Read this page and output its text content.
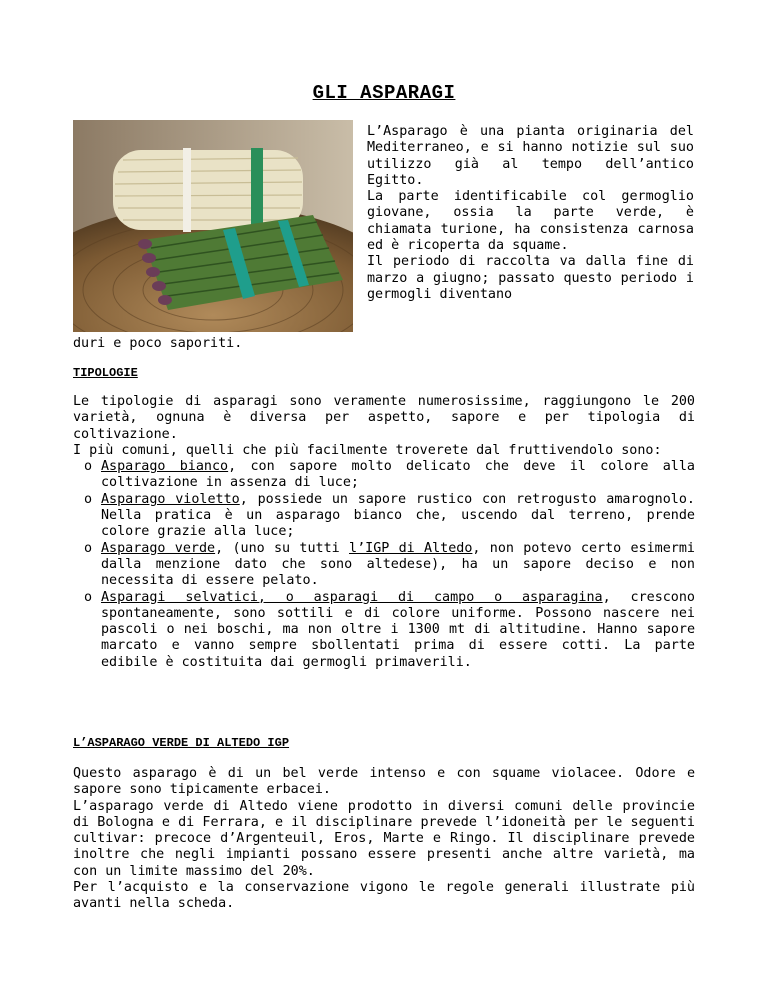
GLI ASPARAGI

L’Asparago è una pianta originaria del Mediterraneo, e si hanno notizie sul suo utilizzo già al tempo dell’antico Egitto.

La parte identificabile col germoglio giovane, ossia la parte verde, è chiamata turione, ha consistenza carnosa ed è ricoperta da squame.

Il periodo di raccolta va dalla fine di marzo a giugno; passato questo periodo i germogli diventano

duri e poco saporiti.
TIPOLOGIE

Le tipologie di asparagi sono veramente numerosissime, raggiungono le 200 varietà, ognuna è diversa per aspetto, sapore e per tipologia di coltivazione.

I più comuni, quelli che più facilmente troverete dal fruttivendolo sono:

o Asparago bianco, con sapore molto delicato che deve il colore alla coltivazione in assenza di luce;
o Asparago violetto, possiede un sapore rustico con retrogusto amarognolo. Nella pratica è un asparago bianco che, uscendo dal terreno, prende colore grazie alla luce;
o Asparago verde, (uno su tutti l’IGP di Altedo, non potevo certo esimermi dalla menzione dato che sono altedese), ha un sapore deciso e non necessita di essere pelato.
o Asparagi selvatici, o asparagi di campo o asparagina, crescono spontaneamente, sono sottili e di colore uniforme. Possono nascere nei pascoli o nei boschi, ma non oltre i 1300 mt di altitudine. Hanno sapore marcato e vanno sempre sbollentati prima di essere cotti. La parte edibile è costituita dai germogli primaverili.
L’ASPARAGO VERDE DI ALTEDO IGP

Questo asparago è di un bel verde intenso e con squame violacee. Odore e sapore sono tipicamente erbacei.

L’asparago verde di Altedo viene prodotto in diversi comuni delle provincie di Bologna e di Ferrara, e il disciplinare prevede l’idoneità per le seguenti cultivar: precoce d’Argenteuil, Eros, Marte e Ringo. Il disciplinare prevede inoltre che negli impianti possano essere presenti anche altre varietà, ma con un limite massimo del 20%.

Per l’acquisto e la conservazione vigono le regole generali illustrate più avanti nella scheda.
